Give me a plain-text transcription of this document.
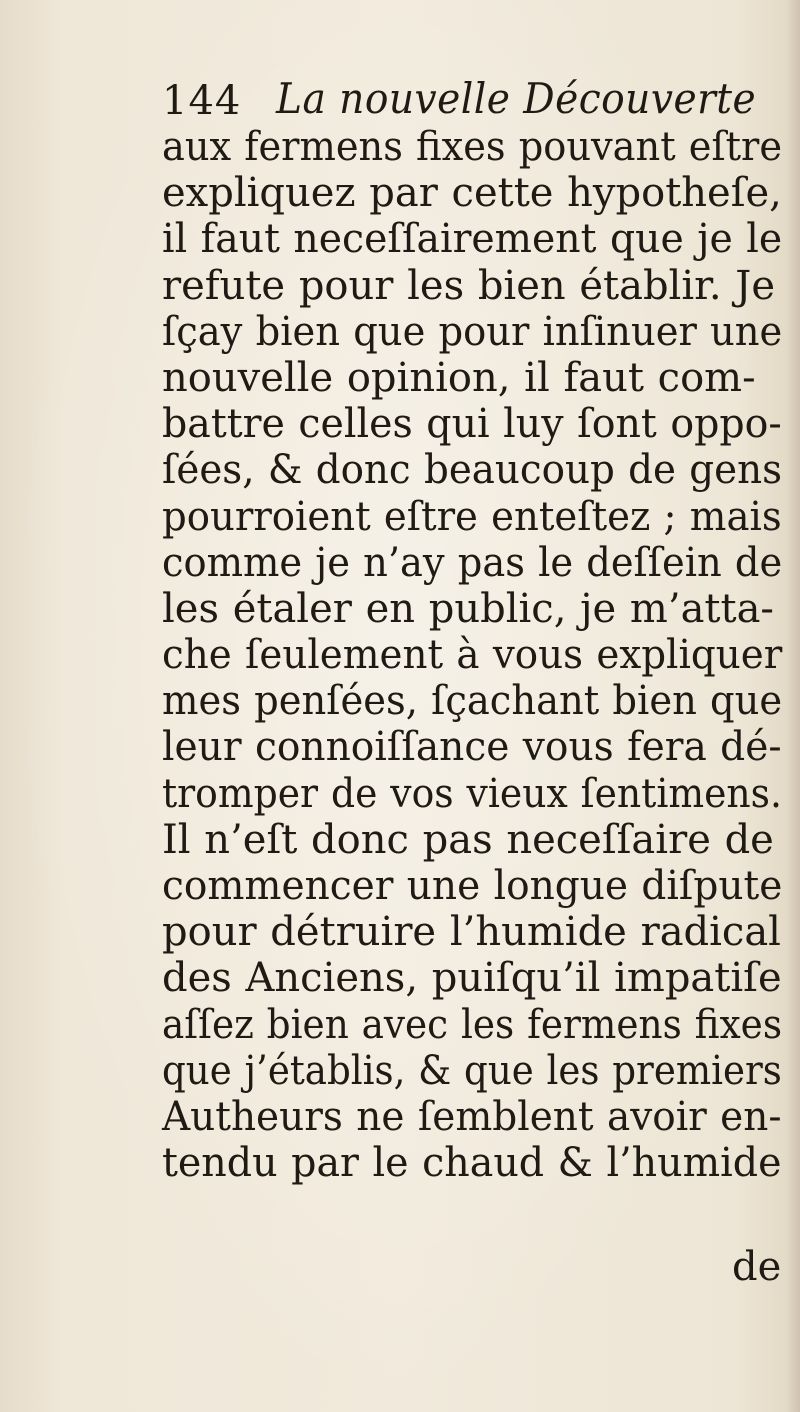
144 La nouvelle Découverte
aux fermens fixes pouvant eſtre
expliquez par cette hypotheſe,
il faut neceſſairement que je le
refute pour les bien établir. Je
ſçay bien que pour inſinuer une
nouvelle opinion, il faut com-
battre celles qui luy ſont oppo-
ſées, & donc beaucoup de gens
pourroient eſtre enteſtez ; mais
comme je n’ay pas le deſſein de
les étaler en public, je m’atta-
che ſeulement à vous expliquer
mes penſées, ſçachant bien que
leur connoiſſance vous fera dé-
tromper de vos vieux ſentimens.
Il n’eſt donc pas neceſſaire de
commencer une longue diſpute
pour détruire l’humide radical
des Anciens, puiſqu’il impatiſe
aſſez bien avec les fermens fixes
que j’établis, & que les premiers
Autheurs ne ſemblent avoir en-
tendu par le chaud & l’humide
de
